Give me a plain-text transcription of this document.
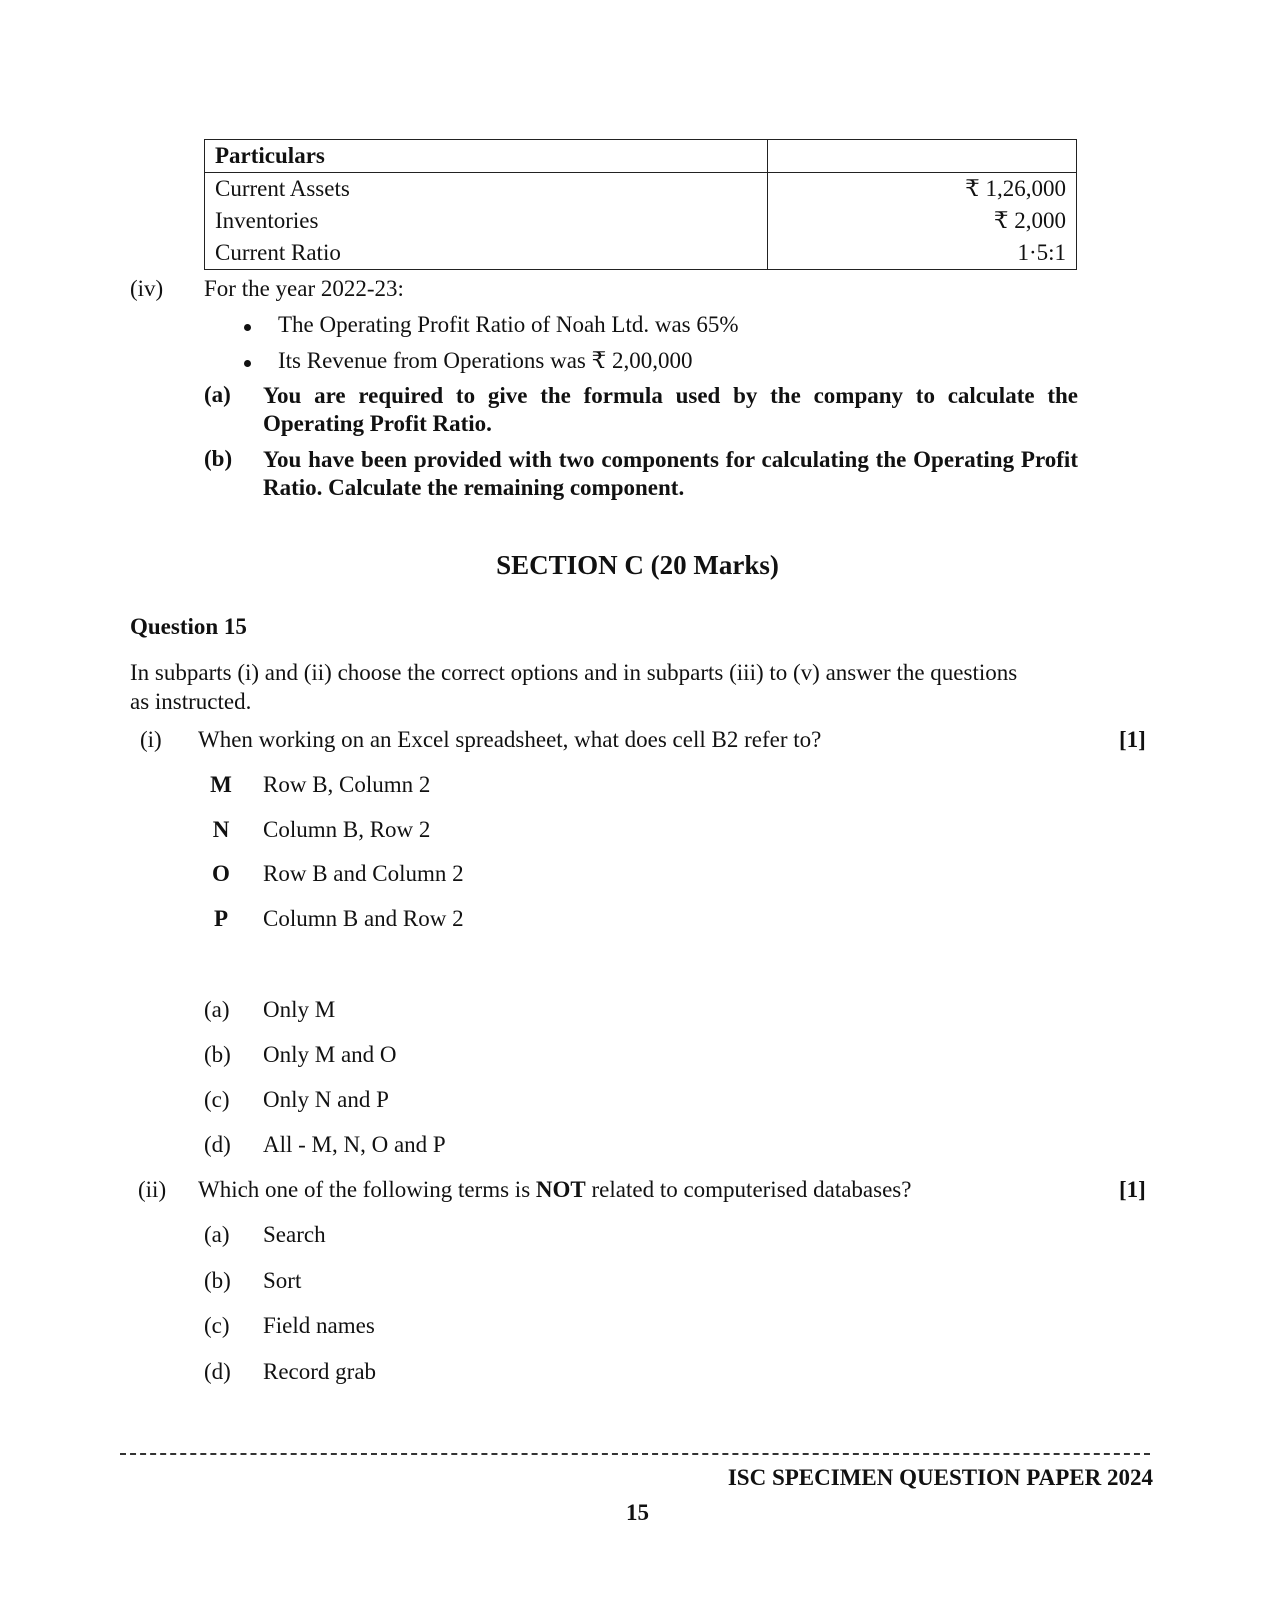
Particulars	
Current Assets	₹ 1,26,000
Inventories	₹ 2,000
Current Ratio	1·5:1
(iv) For the year 2022-23:
The Operating Profit Ratio of Noah Ltd. was 65%
Its Revenue from Operations was ₹ 2,00,000
(a) You are required to give the formula used by the company to calculate the Operating Profit Ratio.
(b) You have been provided with two components for calculating the Operating Profit Ratio. Calculate the remaining component.
SECTION C (20 Marks)
Question 15
In subparts (i) and (ii) choose the correct options and in subparts (iii) to (v) answer the questions
as instructed.
(i) When working on an Excel spreadsheet, what does cell B2 refer to?	[1]
M Row B, Column 2
N Column B, Row 2
O Row B and Column 2
P	Column B and Row 2
(a) Only M
(b) Only M and O
(c) Only N and P
(d) All - M, N, O and P
(ii) Which one of the following terms is NOT related to computerised databases?	[1]
(a) Search
(b) Sort
(c) Field names
(d) Record grab
ISC SPECIMEN QUESTION PAPER 2024
15
